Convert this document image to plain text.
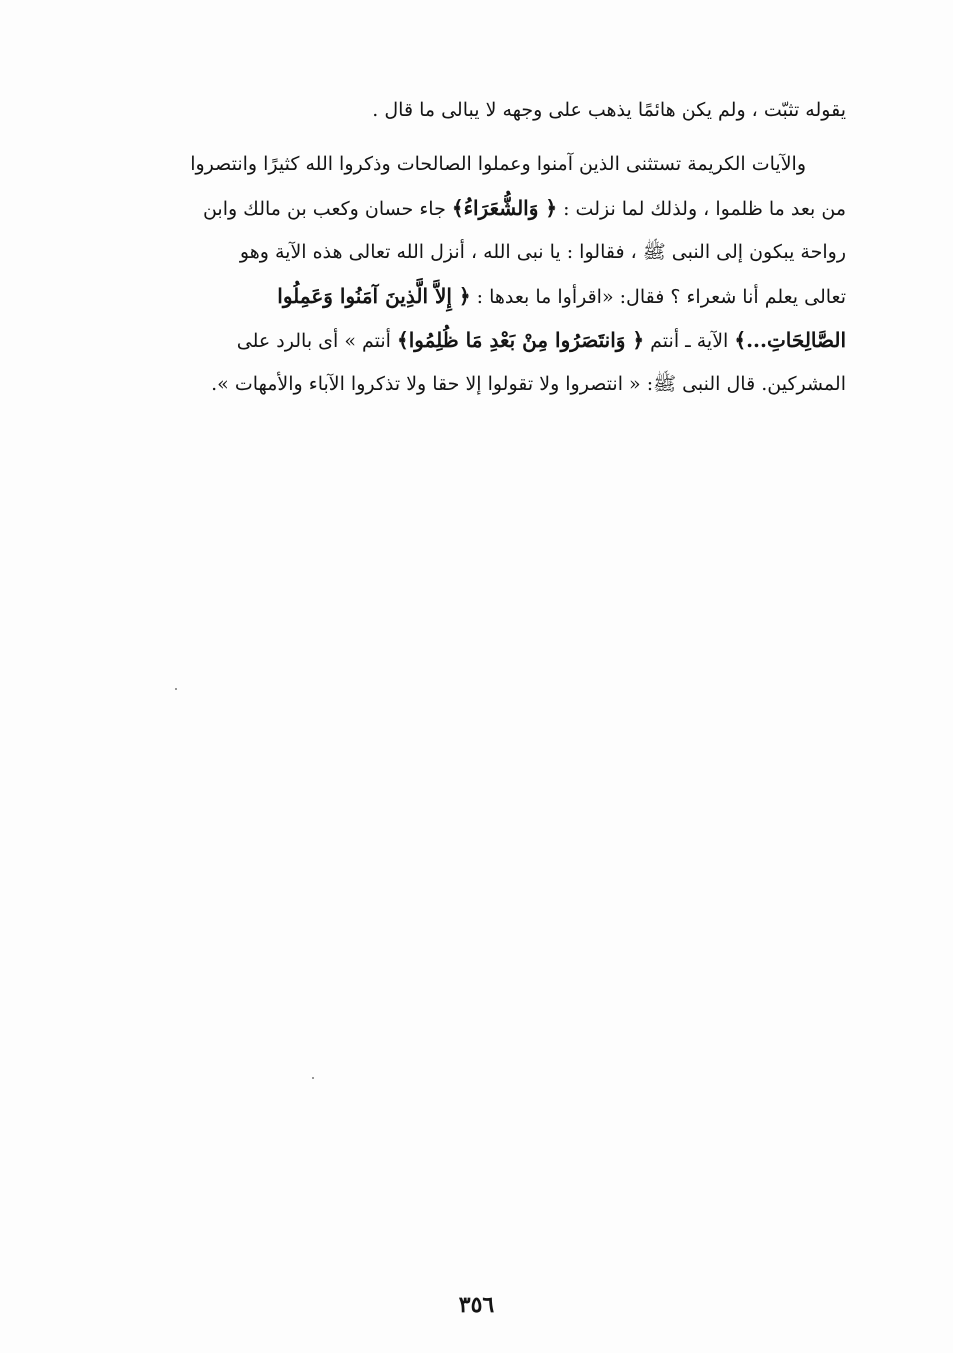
يقوله تثبّت ، ولم يكن هائمًا يذهب على وجهه لا يبالى ما قال .
والآيات الكريمة تستثنى الذين آمنوا وعملوا الصالحات وذكروا الله كثيرًا وانتصروا
من بعد ما ظلموا ، ولذلك لما نزلت : ﴿ وَالشُّعَرَاءُ﴾ جاء حسان وكعب بن مالك وابن
رواحة يبكون إلى النبى ﷺ ، فقالوا : يا نبى الله ، أنزل الله تعالى هذه الآية وهو
تعالى يعلم أنا شعراء ؟ فقال: «اقرأوا ما بعدها : ﴿ إِلاَّ الَّذِينَ آمَنُوا وَعَمِلُوا
الصَّالِحَاتِ...﴾ الآية ـ أنتم ﴿ وَانتَصَرُوا مِنْ بَعْدِ مَا ظُلِمُوا﴾ أنتم » أى بالرد على
المشركين. قال النبى ﷺ: « انتصروا ولا تقولوا إلا حقا ولا تذكروا الآباء والأمهات ».
٣٥٦
